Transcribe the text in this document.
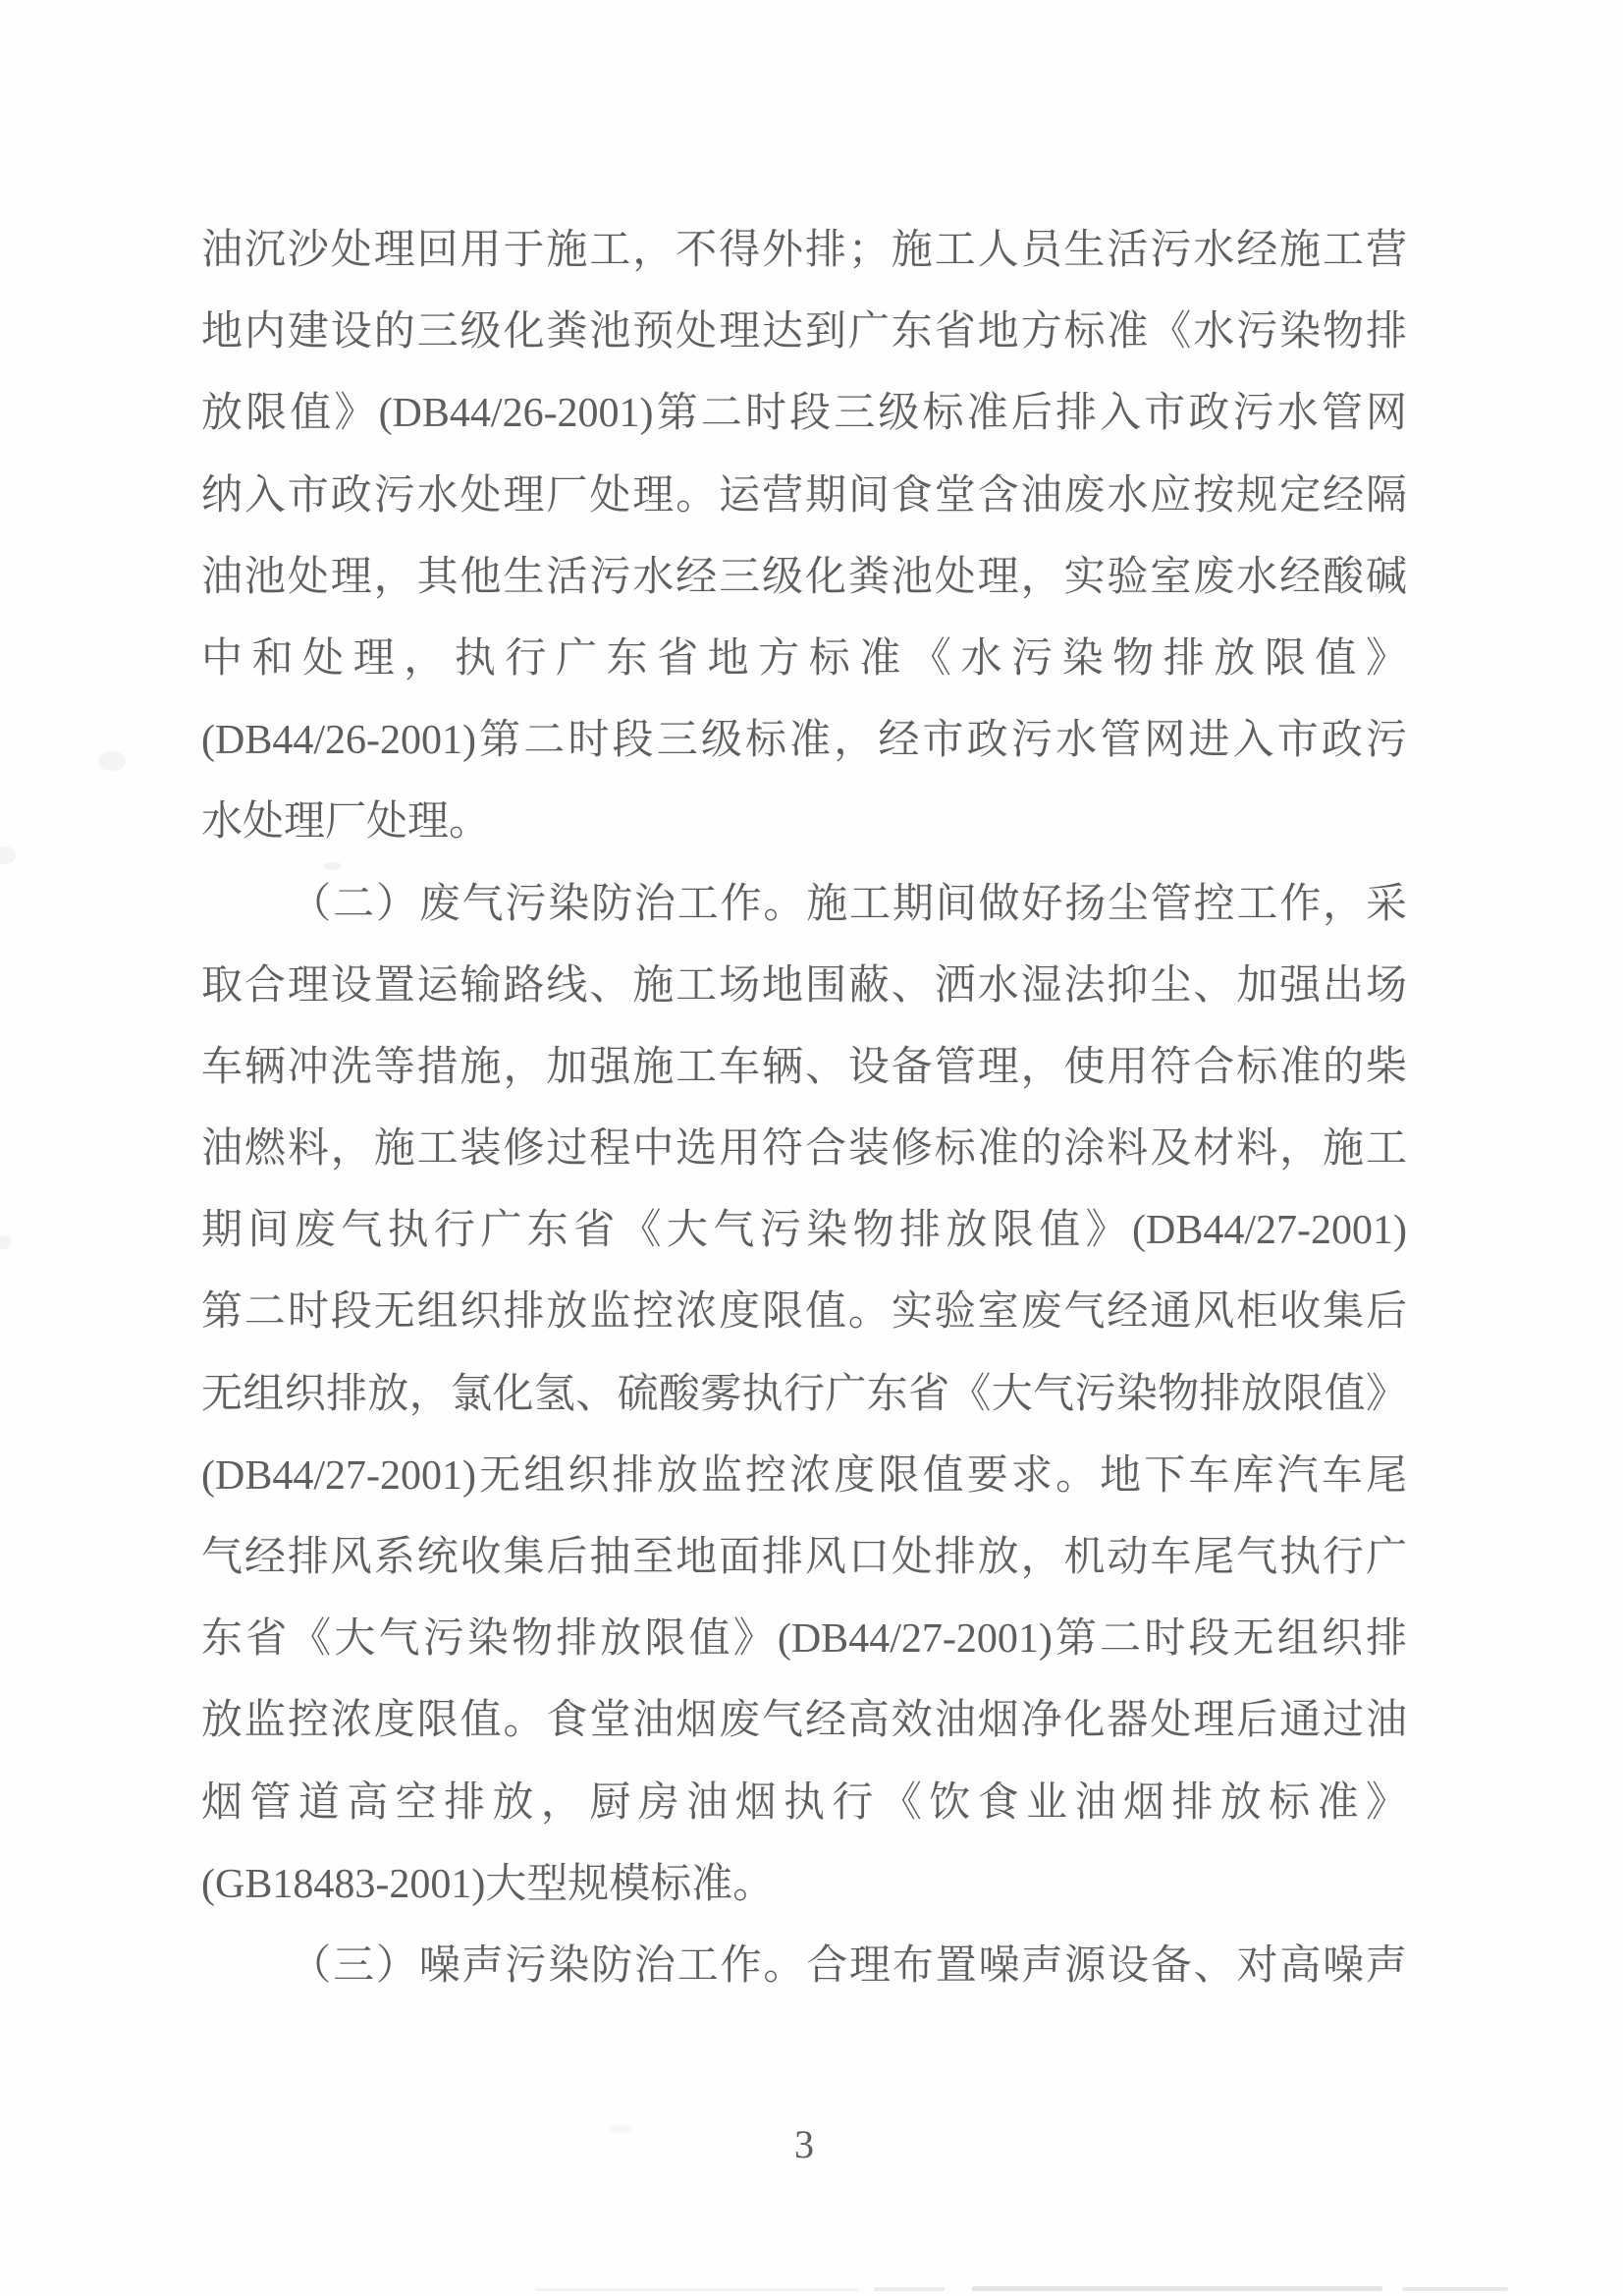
油沉沙处理回用于施工，不得外排；施工人员生活污水经施工营
地内建设的三级化粪池预处理达到广东省地方标准《水污染物排
放限值》(DB44/26-2001)第二时段三级标准后排入市政污水管网
纳入市政污水处理厂处理。运营期间食堂含油废水应按规定经隔
油池处理，其他生活污水经三级化粪池处理，实验室废水经酸碱
中和处理，执行广东省地方标准《水污染物排放限值》
(DB44/26-2001)第二时段三级标准，经市政污水管网进入市政污
水处理厂处理。
（二）废气污染防治工作。施工期间做好扬尘管控工作，采
取合理设置运输路线、施工场地围蔽、洒水湿法抑尘、加强出场
车辆冲洗等措施，加强施工车辆、设备管理，使用符合标准的柴
油燃料，施工装修过程中选用符合装修标准的涂料及材料，施工
期间废气执行广东省《大气污染物排放限值》(DB44/27-2001)
第二时段无组织排放监控浓度限值。实验室废气经通风柜收集后
无组织排放，氯化氢、硫酸雾执行广东省《大气污染物排放限值》
(DB44/27-2001)无组织排放监控浓度限值要求。地下车库汽车尾
气经排风系统收集后抽至地面排风口处排放，机动车尾气执行广
东省《大气污染物排放限值》(DB44/27-2001)第二时段无组织排
放监控浓度限值。食堂油烟废气经高效油烟净化器处理后通过油
烟管道高空排放，厨房油烟执行《饮食业油烟排放标准》
(GB18483-2001)大型规模标准。
（三）噪声污染防治工作。合理布置噪声源设备、对高噪声
3
